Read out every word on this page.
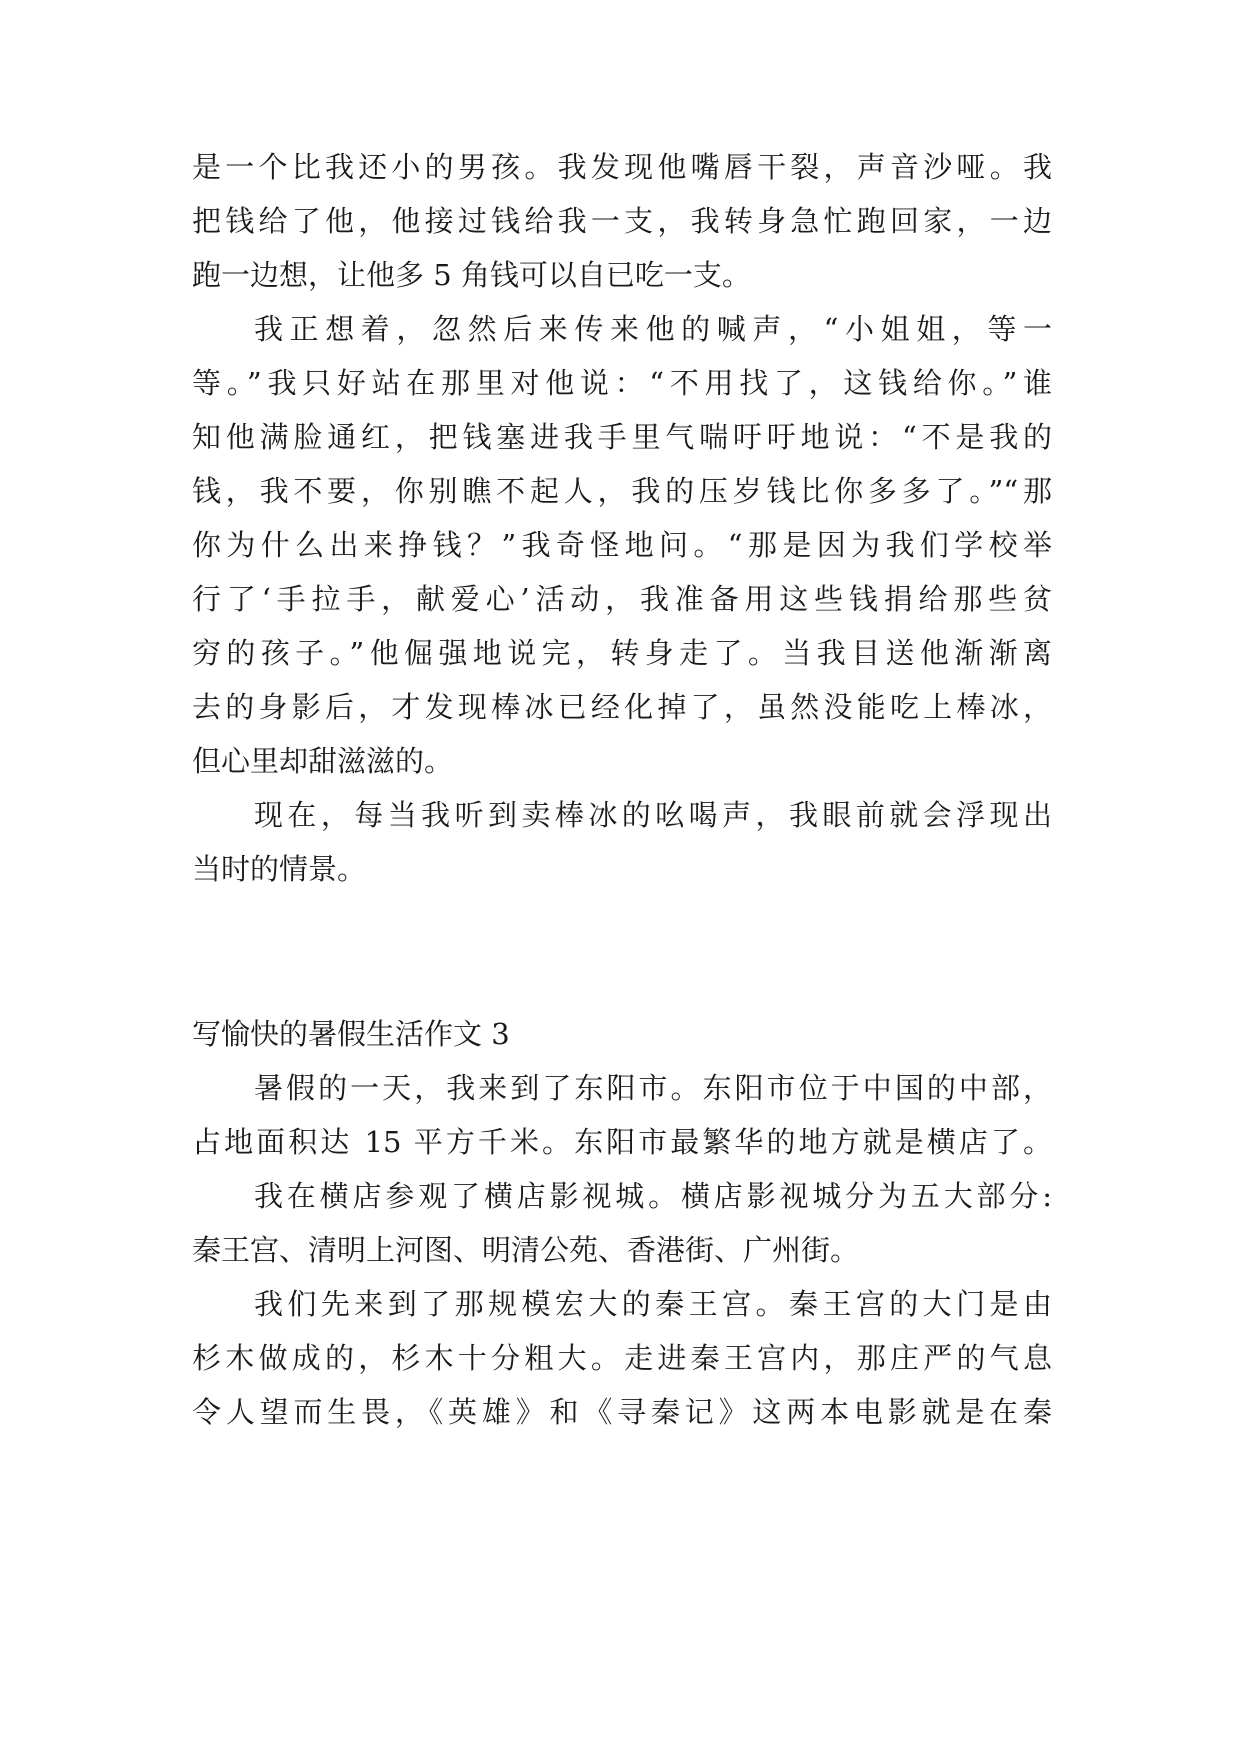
是一个比我还小的男孩。我发现他嘴唇干裂，声音沙哑。我
把钱给了他，他接过钱给我一支，我转身急忙跑回家，一边
跑一边想，让他多 5 角钱可以自已吃一支。
我正想着，忽然后来传来他的喊声，“小姐姐，等一
等。”我只好站在那里对他说：“不用找了，这钱给你。”谁
知他满脸通红，把钱塞进我手里气喘吁吁地说：“不是我的
钱，我不要，你别瞧不起人，我的压岁钱比你多多了。”“那
你为什么出来挣钱？”我奇怪地问。“那是因为我们学校举
行了‘手拉手，献爱心’活动，我准备用这些钱捐给那些贫
穷的孩子。”他倔强地说完，转身走了。当我目送他渐渐离
去的身影后，才发现棒冰已经化掉了，虽然没能吃上棒冰，
但心里却甜滋滋的。
现在，每当我听到卖棒冰的吆喝声，我眼前就会浮现出
当时的情景。
写愉快的暑假生活作文 3
暑假的一天，我来到了东阳市。东阳市位于中国的中部，
占地面积达 15 平方千米。东阳市最繁华的地方就是横店了。
我在横店参观了横店影视城。横店影视城分为五大部分:
秦王宫、清明上河图、明清公苑、香港街、广州街。
我们先来到了那规模宏大的秦王宫。秦王宫的大门是由
杉木做成的，杉木十分粗大。走进秦王宫内，那庄严的气息
令人望而生畏，《英雄》和《寻秦记》这两本电影就是在秦
